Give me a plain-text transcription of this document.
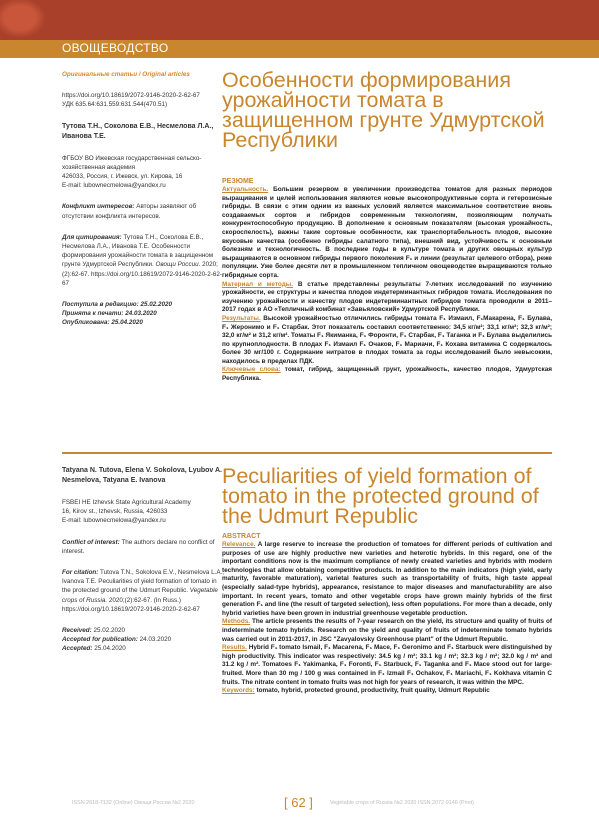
ОВОЩЕВОДСТВО

Оригинальные статьи / Original articles

https://doi.org/10.18619/2072-9146-2020-2-62-67

УДК 635.64:631.559:631.544(470.51)

Тутова Т.Н., Соколова Е.В., Несмелова Л.А., Иванова Т.Е.

ФГБОУ ВО Ижевская государственная сельско-

хозяйственная академия

426033, Россия, г. Ижевск, ул. Кирова, 16

E-mail: lubownecmelowa@yandex.ru

Конфликт интересов: Авторы заявляют об отсутствии конфликта интересов.

Для цитирования: Тутова Т.Н., Соколова Е.В., Несмелова Л.А., Иванова Т.Е. Особенности формирования урожайности томата в защищенном грунте Удмуртской Республики. Овощи России. 2020;(2):62-67. https://doi.org/10.18619/2072-9146-2020-2-62-67

Поступила в редакцию: 25.02.2020

Принята к печати: 24.03.2020

Опубликована: 25.04.2020

Особенности формирования урожайности томата в защищенном грунте Удмуртской Республики

РЕЗЮМЕ

Актуальность. Большим резервом в увеличении производства томатов для разных периодов выращивания и целей использования являются новые высокопродуктивные сорта и гетерозисные гибриды. В связи с этим одним из важных условий является максимальное соответствие вновь создаваемых сортов и гибридов современным технологиям, позволяющим получать конкурентоспособную продукцию. В дополнение к основным показателям (высокая урожайность, скороспелость), важны такие сортовые особенности, как транспортабельность плодов, высокие вкусовые качества (особенно гибриды салатного типа), внешний вид, устойчивость к основным болезням и технологичность. В последние годы в культуре томата и других овощных культур выращиваются в основном гибриды первого поколения F₁ и линии (результат целевого отбора), реже популяции. Уже более десяти лет в промышленном тепличном овощеводстве выращиваются только гибридные сорта.

Материал и методы. В статье представлены результаты 7-летних исследований по изучению урожайности, ее структуры и качества плодов индетерминантных гибридов томата. Исследования по изучению урожайности и качеству плодов индетерминантных гибридов томата проводили в 2011–2017 годах в АО «Тепличный комбинат «Завьяловский» Удмуртской Республики.

Результаты. Высокой урожайностью отличились гибриды томата F₁ Измаил, F₁Макарена, F₁ Булава, F₁ Жеронимо и F₁ Старбак. Этот показатель составил соответственно: 34,5 кг/м²; 33,1 кг/м²; 32,3 кг/м²; 32,0 кг/м² и 31,2 кг/м². Томаты F₁ Якиманка, F₁ Форонти, F₁ Старбак, F₁ Таганка и F₁ Булава выделились по крупноплодности. В плодах F₁ Измаил F₁ Очаков, F₁ Мариачи, F₁ Кохава витамина С содержалось более 30 мг/100 г. Содержание нитратов в плодах томата за годы исследований было невысоким, находилось в пределах ПДК.

Ключевые слова: томат, гибрид, защищенный грунт, урожайность, качество плодов, Удмуртская Республика.

Tatyana N. Tutova, Elena V. Sokolova, Lyubov A. Nesmelova, Tatyana E. Ivanova

FSBEI HE Izhevsk State Agricultural Academy

16, Kirov st., Izhevsk, Russia, 426033

E-mail: lubownecmelowa@yandex.ru

Conflict of interest: The authors declare no conflict of interest.

For citation: Tutova T.N., Sokolova E.V., Nesmelova L.A., Ivanova T.E. Peculiarities of yield formation of tomato in the protected ground of the Udmurt Republic. Vegetable crops of Russia. 2020;(2):62-67. (In Russ.) https://doi.org/10.18619/2072-9146-2020-2-62-67

Received: 25.02.2020

Accepted for publication: 24.03.2020

Accepted: 25.04.2020

Peculiarities of yield formation of tomato in the protected ground of the Udmurt Republic

ABSTRACT

Relevance. A large reserve to increase the production of tomatoes for different periods of cultivation and purposes of use are highly productive new varieties and heterotic hybrids. In this regard, one of the important conditions now is the maximum compliance of newly created varieties and hybrids with modern technologies that allow obtaining competitive products. In addition to the main indicators (high yield, early maturity, favorable maturation), varietal features such as transportability of fruits, high taste appeal (especially salad-type hybrids), appearance, resistance to major diseases and manufacturability are also important. In recent years, tomato and other vegetable crops have grown mainly hybrids of the first generation F₁ and line (the result of targeted selection), less often populations. For more than a decade, only hybrid varieties have been grown in industrial greenhouse vegetable production.

Methods. The article presents the results of 7-year research on the yield, its structure and quality of fruits of indeterminate tomato hybrids. Research on the yield and quality of fruits of indeterminate tomato hybrids was carried out in 2011-2017, in JSC "Zavyalovsky Greenhouse plant" of the Udmurt Republic.

Results. Hybrid F₁ tomato Ismail, F₁ Macarena, F₁ Mace, F₁ Geronimo and F₁ Starbuck were distinguished by high productivity. This indicator was respectively: 34.5 kg / m²; 33.1 kg / m²; 32.3 kg / m²; 32.0 kg / m² and 31.2 kg / m². Tomatoes F₁ Yakimanka, F₁ Foronti, F₁ Starbuck, F₁ Taganka and F₁ Mace stood out for large-fruited. More than 30 mg / 100 g was contained in F₁ Izmail F₁ Ochakov, F₁ Mariachi, F₁ Kokhava vitamin C fruits. The nitrate content in tomato fruits was not high for years of research, it was within the MPC.

Keywords: tomato, hybrid, protected ground, productivity, fruit quality, Udmurt Republic

ISSN 2618-7132 (Online) Овощи России №2 2020	[ 62 ]	Vegetable crops of Russia №2 2020 ISSN 2072-9146 (Print)
